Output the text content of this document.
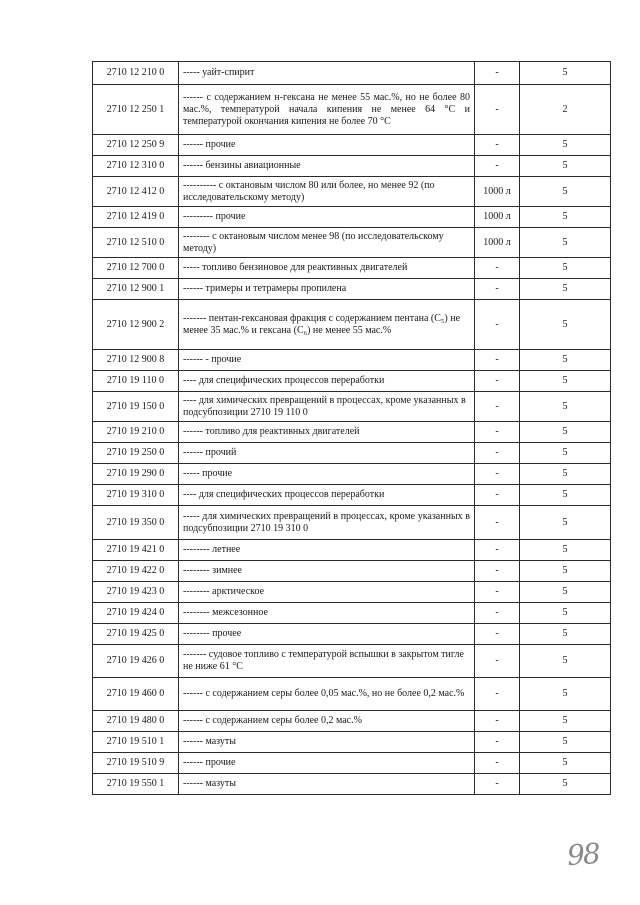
2710 12 210 0	----- уайт-спирит	-	5
2710 12 250 1	------ с содержанием н-гексана не менее 55 мас.%, но не более 80 мас.%, температурой начала кипения не менее 64 °С и температурой окончания кипения не более 70 °С	-	2
2710 12 250 9	------ прочие	-	5
2710 12 310 0	------ бензины авиационные	-	5
2710 12 412 0	---------- с октановым числом 80 или более, но менее 92 (по исследовательскому методу)	1000 л	5
2710 12 419 0	--------- прочие	1000 л	5
2710 12 510 0	-------- с октановым числом менее 98 (по исследовательскому методу)	1000 л	5
2710 12 700 0	----- топливо бензиновое для реактивных двигателей	-	5
2710 12 900 1	------ тримеры и тетрамеры пропилена	-	5
2710 12 900 2	------- пентан-гексановая фракция с содержанием пентана (С₅) не менее 35 мас.% и гексана (С₆) не менее 55 мас.%	-	5
2710 12 900 8	------ - прочие	-	5
2710 19 110 0	---- для специфических процессов переработки	-	5
2710 19 150 0	---- для химических превращений в процессах, кроме указанных в подсубпозиции 2710 19 110 0	-	5
2710 19 210 0	------ топливо для реактивных двигателей	-	5
2710 19 250 0	------ прочий	-	5
2710 19 290 0	----- прочие	-	5
2710 19 310 0	---- для специфических процессов переработки	-	5
2710 19 350 0	----- для химических превращений в процессах, кроме указанных в подсубпозиции 2710 19 310 0	-	5
2710 19 421 0	-------- летнее	-	5
2710 19 422 0	-------- зимнее	-	5
2710 19 423 0	-------- арктическое	-	5
2710 19 424 0	-------- межсезонное	-	5
2710 19 425 0	-------- прочее	-	5
2710 19 426 0	------- судовое топливо с температурой вспышки в закрытом тигле не ниже 61 °С	-	5
2710 19 460 0	------ с содержанием серы более 0,05 мас.%, но не более 0,2 мас.%	-	5
2710 19 480 0	------ с содержанием серы более 0,2 мас.%	-	5
2710 19 510 1	------ мазуты	-	5
2710 19 510 9	------ прочие	-	5
2710 19 550 1	------ мазуты	-	5
98
